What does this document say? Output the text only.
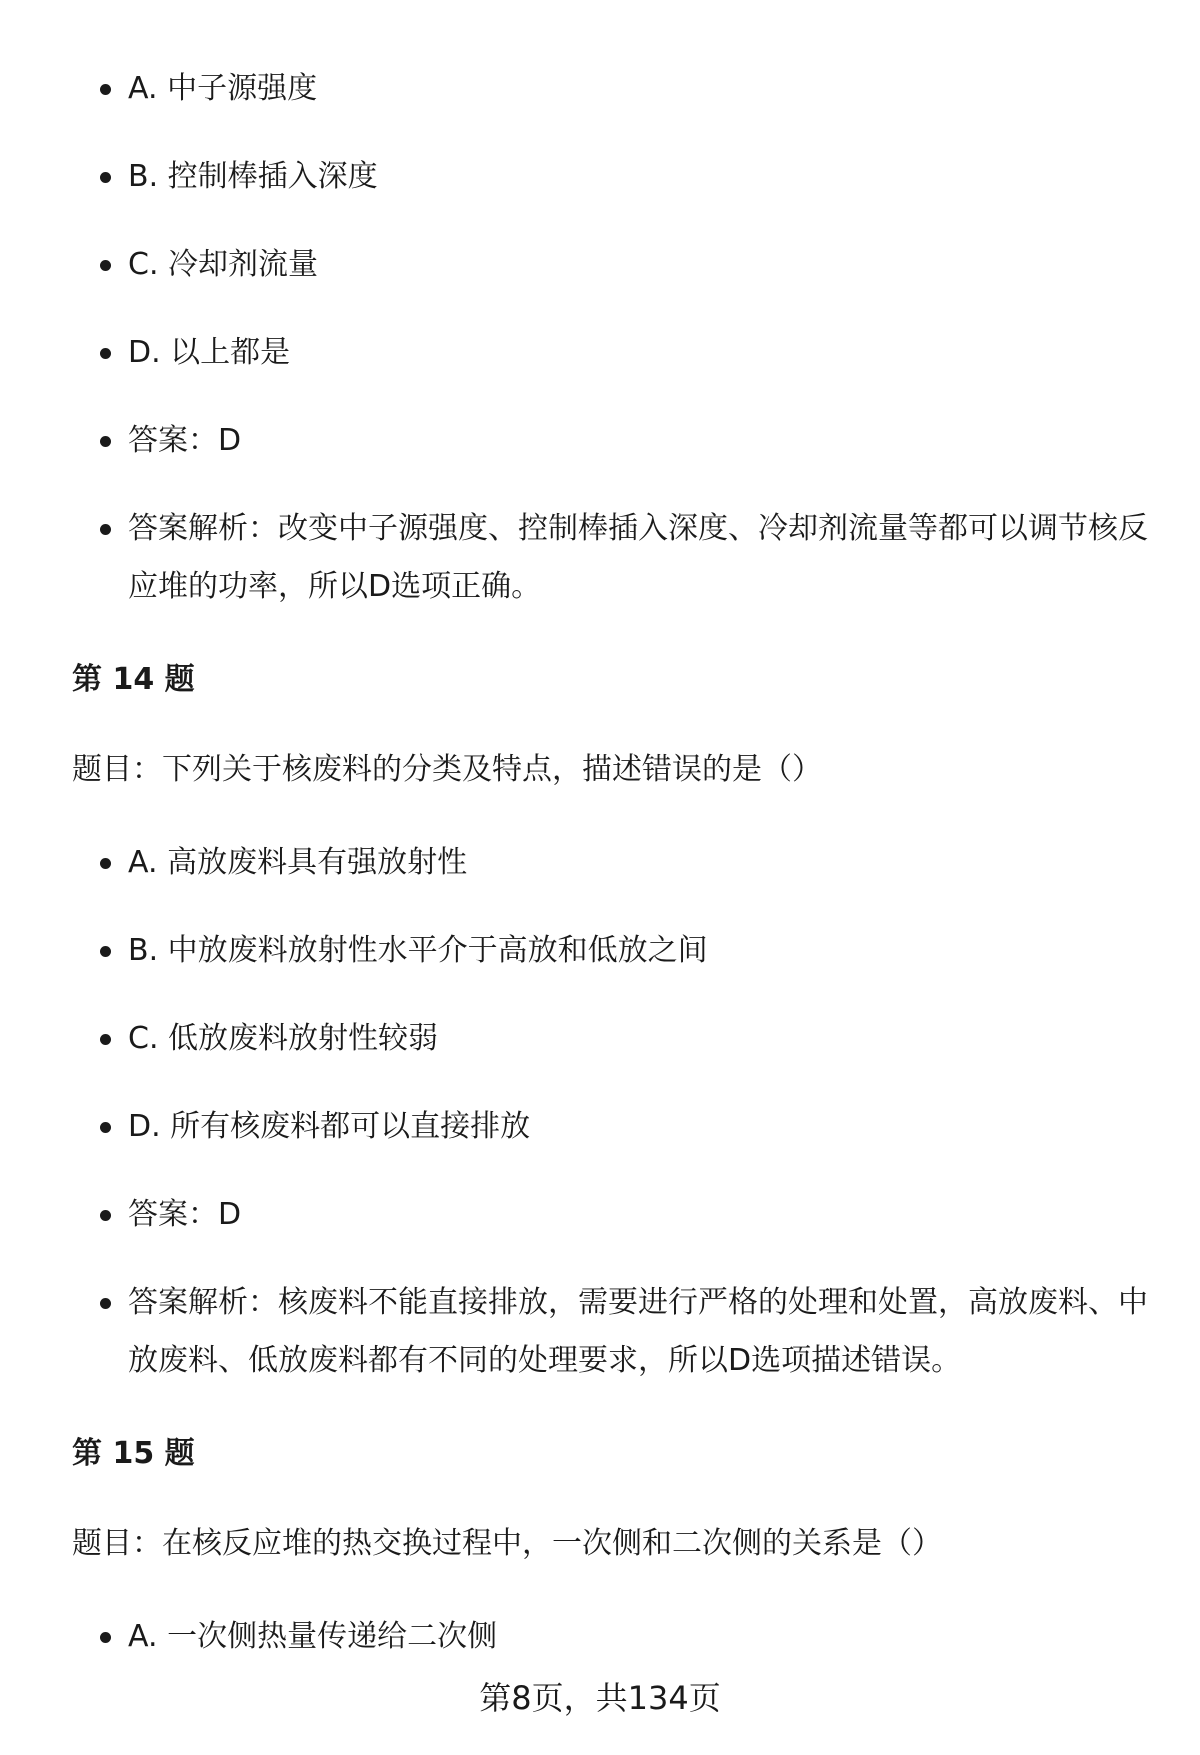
A. 中子源强度
B. 控制棒插入深度
C. 冷却剂流量
D. 以上都是
答案：D
答案解析：改变中子源强度、控制棒插入深度、冷却剂流量等都可以调节核反应堆的功率，所以D选项正确。
第 14 题
题目：下列关于核废料的分类及特点，描述错误的是（）
A. 高放废料具有强放射性
B. 中放废料放射性水平介于高放和低放之间
C. 低放废料放射性较弱
D. 所有核废料都可以直接排放
答案：D
答案解析：核废料不能直接排放，需要进行严格的处理和处置，高放废料、中放废料、低放废料都有不同的处理要求，所以D选项描述错误。
第 15 题
题目：在核反应堆的热交换过程中，一次侧和二次侧的关系是（）
A. 一次侧热量传递给二次侧
第8页，共134页
